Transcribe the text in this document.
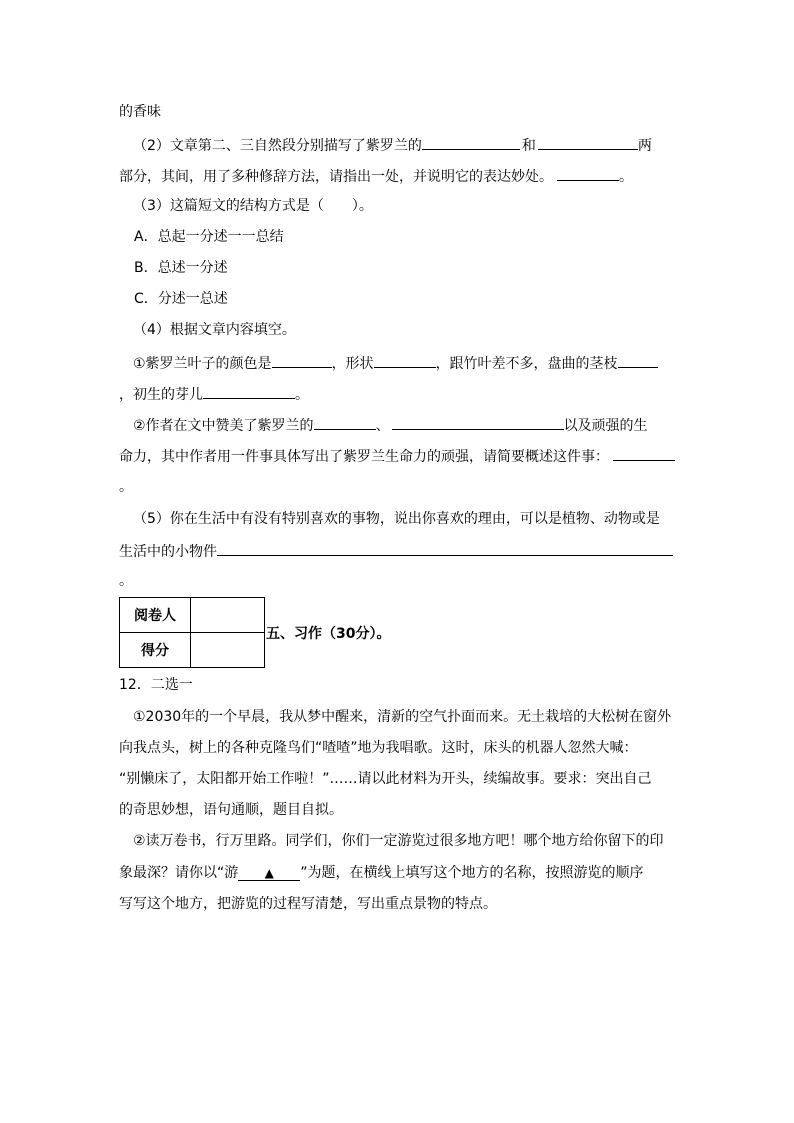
的香味
（2）文章第二、三自然段分别描写了紫罗兰的	和	两
部分，其间，用了多种修辞方法，请指出一处，并说明它的表达妙处。	。
（3）这篇短文的结构方式是（　　）。
A．总起一分述一一总结
B．总述一分述
C．分述一总述
（4）根据文章内容填空。
①紫罗兰叶子的颜色是	，形状	，跟竹叶差不多，盘曲的茎枝
，初生的芽儿	。
②作者在文中赞美了紫罗兰的	、	以及顽强的生
命力，其中作者用一件事具体写出了紫罗兰生命力的顽强，请简要概述这件事：
。
（5）你在生活中有没有特别喜欢的事物，说出你喜欢的理由，可以是植物、动物或是
生活中的小物件
。
阅卷人	
得分	
五、习作（30分）。
12．二选一
①2030年的一个早晨，我从梦中醒来，清新的空气扑面而来。无土栽培的大松树在窗外
向我点头，树上的各种克隆鸟们“喳喳”地为我唱歌。这时，床头的机器人忽然大喊：
“别懒床了，太阳都开始工作啦！”……请以此材料为开头，续编故事。要求：突出自己
的奇思妙想，语句通顺，题目自拟。
②读万卷书，行万里路。同学们，你们一定游览过很多地方吧！哪个地方给你留下的印
象最深？请你以“游 ▲ ”为题，在横线上填写这个地方的名称，按照游览的顺序
写写这个地方，把游览的过程写清楚，写出重点景物的特点。
